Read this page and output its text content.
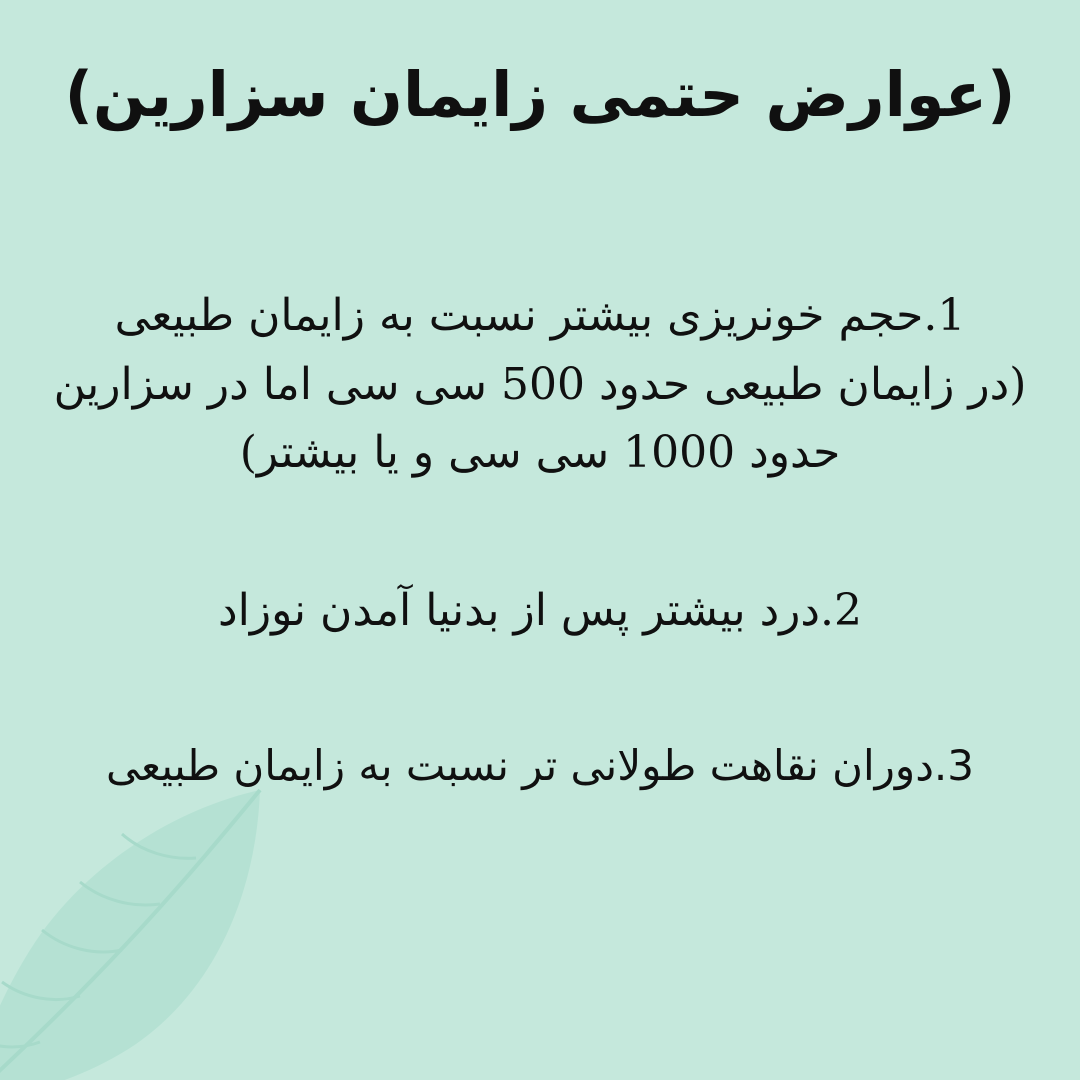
(عوارض حتمی زایمان سزارین)
1.حجم خونریزی بیشتر نسبت به زایمان طبیعی
(در زایمان طبیعی حدود 500 سی سی اما در سزارین
حدود 1000 سی سی و یا بیشتر)
2.درد بیشتر پس از بدنیا آمدن نوزاد
3.دوران نقاهت طولانی تر نسبت به زایمان طبیعی
